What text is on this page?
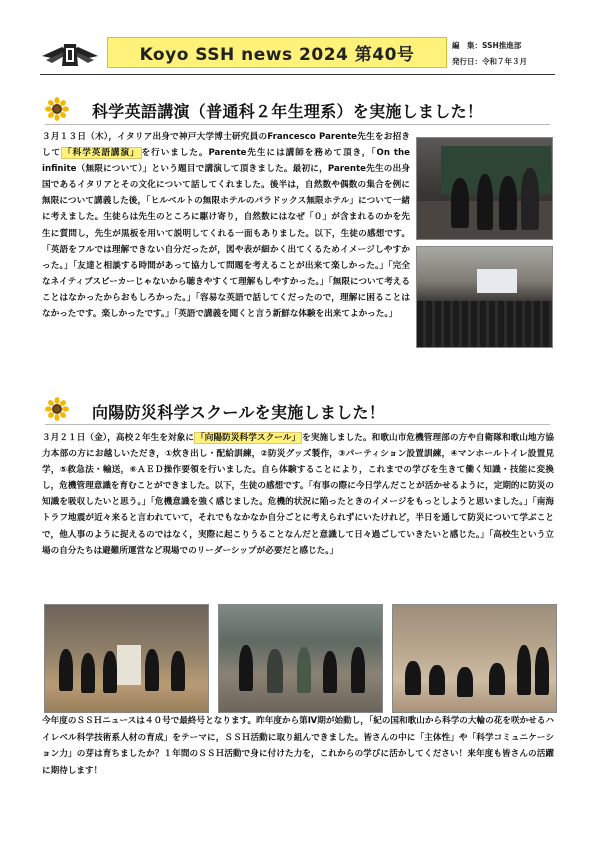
Koyo SSH news 2024 第40号	編　集：SSH推進部
発行日：令和７年３月
科学英語講演（普通科２年生理系）を実施しました！
３月１３日（木），イタリア出身で神戸大学博士研究員のFrancesco Parente先生をお招きして 「科学英語講演」 を行いました。Parente先生には講師を務めて頂き，「On the infinite（無限について）」という題目で講演して頂きました。最初に，Parente先生の出身国であるイタリアとその文化について話してくれました。後半は，自然数や偶数の集合を例に無限について講義した後，「ヒルベルトの無限ホテルのパラドックス無限ホテル」について一緒に考えました。生徒らは先生のところに駆け寄り，自然数にはなぜ「０」が含まれるのかを先生に質問し，先生が黒板を用いて説明してくれる一面もありました。以下，生徒の感想です。「英語をフルでは理解できない自分だったが，図や表が細かく出てくるためイメージしやすかった。」「友達と相談する時間があって協力して問題を考えることが出来て楽しかった。」「完全なネイティブスピーカーじゃないから聴きやすくて理解もしやすかった。」「無限について考えることはなかったからおもしろかった。」「容易な英語で話してくだったので，理解に困ることはなかったです。楽しかったです。」「英語で講義を聞くと言う新鮮な体験を出来てよかった。」
向陽防災科学スクールを実施しました！
３月２１日（金），高校２年生を対象に 「向陽防災科学スクール」 を実施しました。和歌山市危機管理部の方や自衛隊和歌山地方協力本部の方にお越しいただき，①炊き出し・配給訓練，②防災グッズ製作，③パーティション設置訓練，④マンホールトイレ設置見学，⑤救急法・輸送，⑥ＡＥＤ操作要領を行いました。自ら体験することにより，これまでの学びを生きて働く知識・技能に変換し，危機管理意識を育むことができました。以下，生徒の感想です。「有事の際に今日学んだことが活かせるように，定期的に防災の知識を吸収したいと思う。」「危機意識を強く感じました。危機的状況に陥ったときのイメージをもっとしようと思いました。」「南海トラフ地震が近々来ると言われていて，それでもなかなか自分ごとに考えられずにいたけれど，半日を通して防災について学ぶことで，他人事のように捉えるのではなく，実際に起こりうることなんだと意識して日々過ごしていきたいと感じた。」「高校生という立場の自分たちは避難所運営など現場でのリーダーシップが必要だと感じた。」
今年度のＳＳＨニュースは４０号で最終号となります。昨年度から第Ⅳ期が始動し，「紀の国和歌山から科学の大輪の花を咲かせるハイレベル科学技術系人材の育成」をテーマに，ＳＳＨ活動に取り組んできました。皆さんの中に「主体性」や「科学コミュニケーション力」の芽は育ちましたか？１年間のＳＳＨ活動で身に付けた力を，これからの学びに活かしてください！来年度も皆さんの活躍に期待します！
